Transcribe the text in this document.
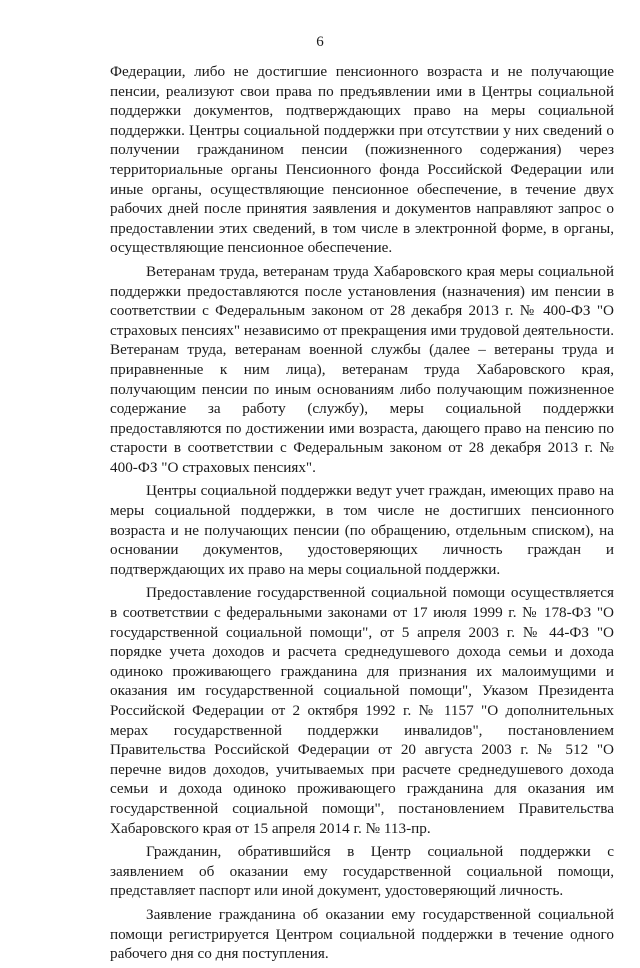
6

Федерации, либо не достигшие пенсионного возраста и не получающие пенсии, реализуют свои права по предъявлении ими в Центры социальной поддержки документов, подтверждающих право на меры социальной поддержки. Центры социальной поддержки при отсутствии у них сведений о получении гражданином пенсии (пожизненного содержания) через территориальные органы Пенсионного фонда Российской Федерации или иные органы, осуществляющие пенсионное обеспечение, в течение двух рабочих дней после принятия заявления и документов направляют запрос о предоставлении этих сведений, в том числе в электронной форме, в органы, осуществляющие пенсионное обеспечение.

Ветеранам труда, ветеранам труда Хабаровского края меры социальной поддержки предоставляются после установления (назначения) им пенсии в соответствии с Федеральным законом от 28 декабря 2013 г. № 400-ФЗ "О страховых пенсиях" независимо от прекращения ими трудовой деятельности. Ветеранам труда, ветеранам военной службы (далее – ветераны труда и приравненные к ним лица), ветеранам труда Хабаровского края, получающим пенсии по иным основаниям либо получающим пожизненное содержание за работу (службу), меры социальной поддержки предоставляются по достижении ими возраста, дающего право на пенсию по старости в соответствии с Федеральным законом от 28 декабря 2013 г. № 400-ФЗ "О страховых пенсиях".

Центры социальной поддержки ведут учет граждан, имеющих право на меры социальной поддержки, в том числе не достигших пенсионного возраста и не получающих пенсии (по обращению, отдельным списком), на основании документов, удостоверяющих личность граждан и подтверждающих их право на меры социальной поддержки.

Предоставление государственной социальной помощи осуществляется в соответствии с федеральными законами от 17 июля 1999 г. № 178-ФЗ "О государственной социальной помощи", от 5 апреля 2003 г. № 44-ФЗ "О порядке учета доходов и расчета среднедушевого дохода семьи и дохода одиноко проживающего гражданина для признания их малоимущими и оказания им государственной социальной помощи", Указом Президента Российской Федерации от 2 октября 1992 г. № 1157 "О дополнительных мерах государственной поддержки инвалидов", постановлением Правительства Российской Федерации от 20 августа 2003 г. № 512 "О перечне видов доходов, учитываемых при расчете среднедушевого дохода семьи и дохода одиноко проживающего гражданина для оказания им государственной социальной помощи", постановлением Правительства Хабаровского края от 15 апреля 2014 г. № 113-пр.

Гражданин, обратившийся в Центр социальной поддержки с заявлением об оказании ему государственной социальной помощи, представляет паспорт или иной документ, удостоверяющий личность.

Заявление гражданина об оказании ему государственной социальной помощи регистрируется Центром социальной поддержки в течение одного рабочего дня со дня поступления.
